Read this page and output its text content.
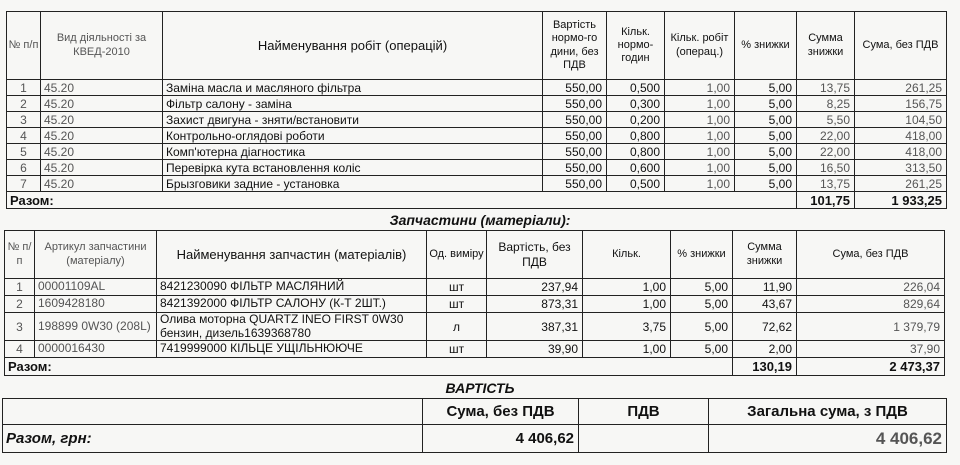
№ п/п	Вид діяльності за КВЕД-2010	Найменування робіт (операцій)	Вартість нормо-го дини, без ПДВ	Кільк. нормо-годин	Кільк. робіт (операц.)	% знижки	Сумма знижки	Сума, без ПДВ
1	45.20	Заміна масла и масляного фільтра	550,00	0,500	1,00	5,00	13,75	261,25
2	45.20	Фільтр салону - заміна	550,00	0,300	1,00	5,00	8,25	156,75
3	45.20	Захист двигуна - зняти/встановити	550,00	0,200	1,00	5,00	5,50	104,50
4	45.20	Контрольно-оглядові роботи	550,00	0,800	1,00	5,00	22,00	418,00
5	45.20	Комп'ютерна діагностика	550,00	0,800	1,00	5,00	22,00	418,00
6	45.20	Перевірка кута встановлення коліс	550,00	0,600	1,00	5,00	16,50	313,50
7	45.20	Брызговики задние - установка	550,00	0,500	1,00	5,00	13,75	261,25
Разом:							101,75	1 933,25
Запчастини (матеріали):
№ п/п	Артикул запчастини (матеріалу)	Найменування запчастин (матеріалів)	Од. виміру	Вартість, без ПДВ	Кільк.	% знижки	Сумма знижки	Сума, без ПДВ
1	00001109AL	8421230090 ФІЛЬТР МАСЛЯНИЙ	шт	237,94	1,00	5,00	11,90	226,04
2	1609428180	8421392000 ФІЛЬТР САЛОНУ (К-Т 2ШТ.)	шт	873,31	1,00	5,00	43,67	829,64
3	198899 0W30 (208L)	Олива моторна QUARTZ INEO FIRST 0W30 бензин, дизель1639368780	л	387,31	3,75	5,00	72,62	1 379,79
4	0000016430	7419999000 КІЛЬЦЕ УЩІЛЬНЮЮЧЕ	шт	39,90	1,00	5,00	2,00	37,90
Разом:							130,19	2 473,37
ВАРТІСТЬ
	Сума, без ПДВ	ПДВ	Загальна сума, з ПДВ
Разом, грн:	4 406,62		4 406,62
